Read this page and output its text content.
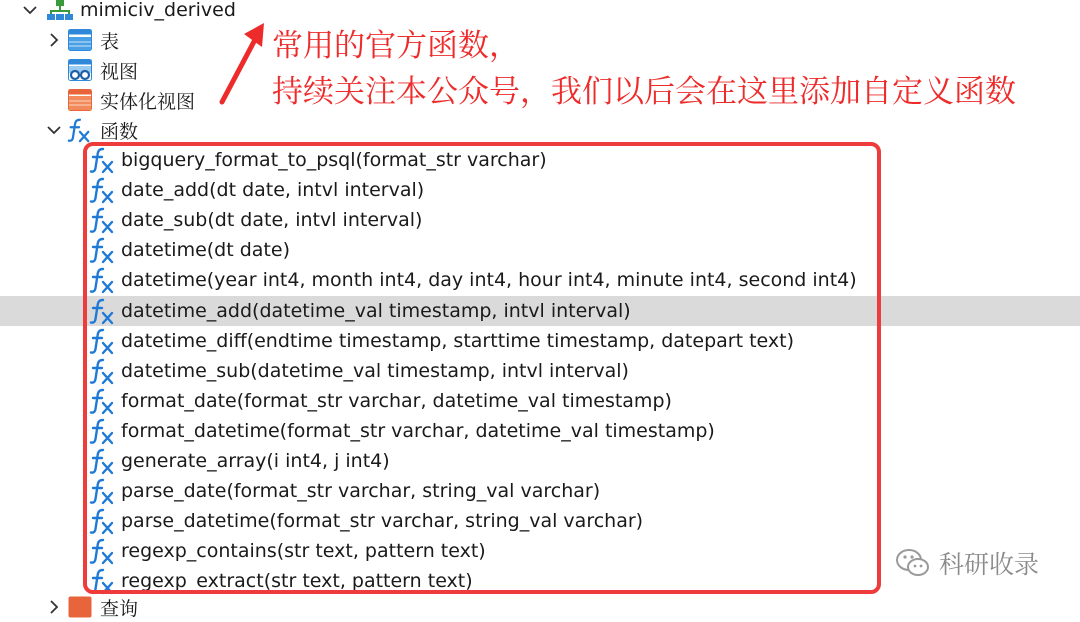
mimiciv_derived
表
视图
实体化视图
函数
bigquery_format_to_psql(format_str varchar)
date_add(dt date, intvl interval)
date_sub(dt date, intvl interval)
datetime(dt date)
datetime(year int4, month int4, day int4, hour int4, minute int4, second int4)
datetime_add(datetime_val timestamp, intvl interval)
datetime_diff(endtime timestamp, starttime timestamp, datepart text)
datetime_sub(datetime_val timestamp, intvl interval)
format_date(format_str varchar, datetime_val timestamp)
format_datetime(format_str varchar, datetime_val timestamp)
generate_array(i int4, j int4)
parse_date(format_str varchar, string_val varchar)
parse_datetime(format_str varchar, string_val varchar)
regexp_contains(str text, pattern text)
regexp_extract(str text, pattern text)
查询
常用的官方函数，
持续关注本公众号，我们以后会在这里添加自定义函数
科研收录
